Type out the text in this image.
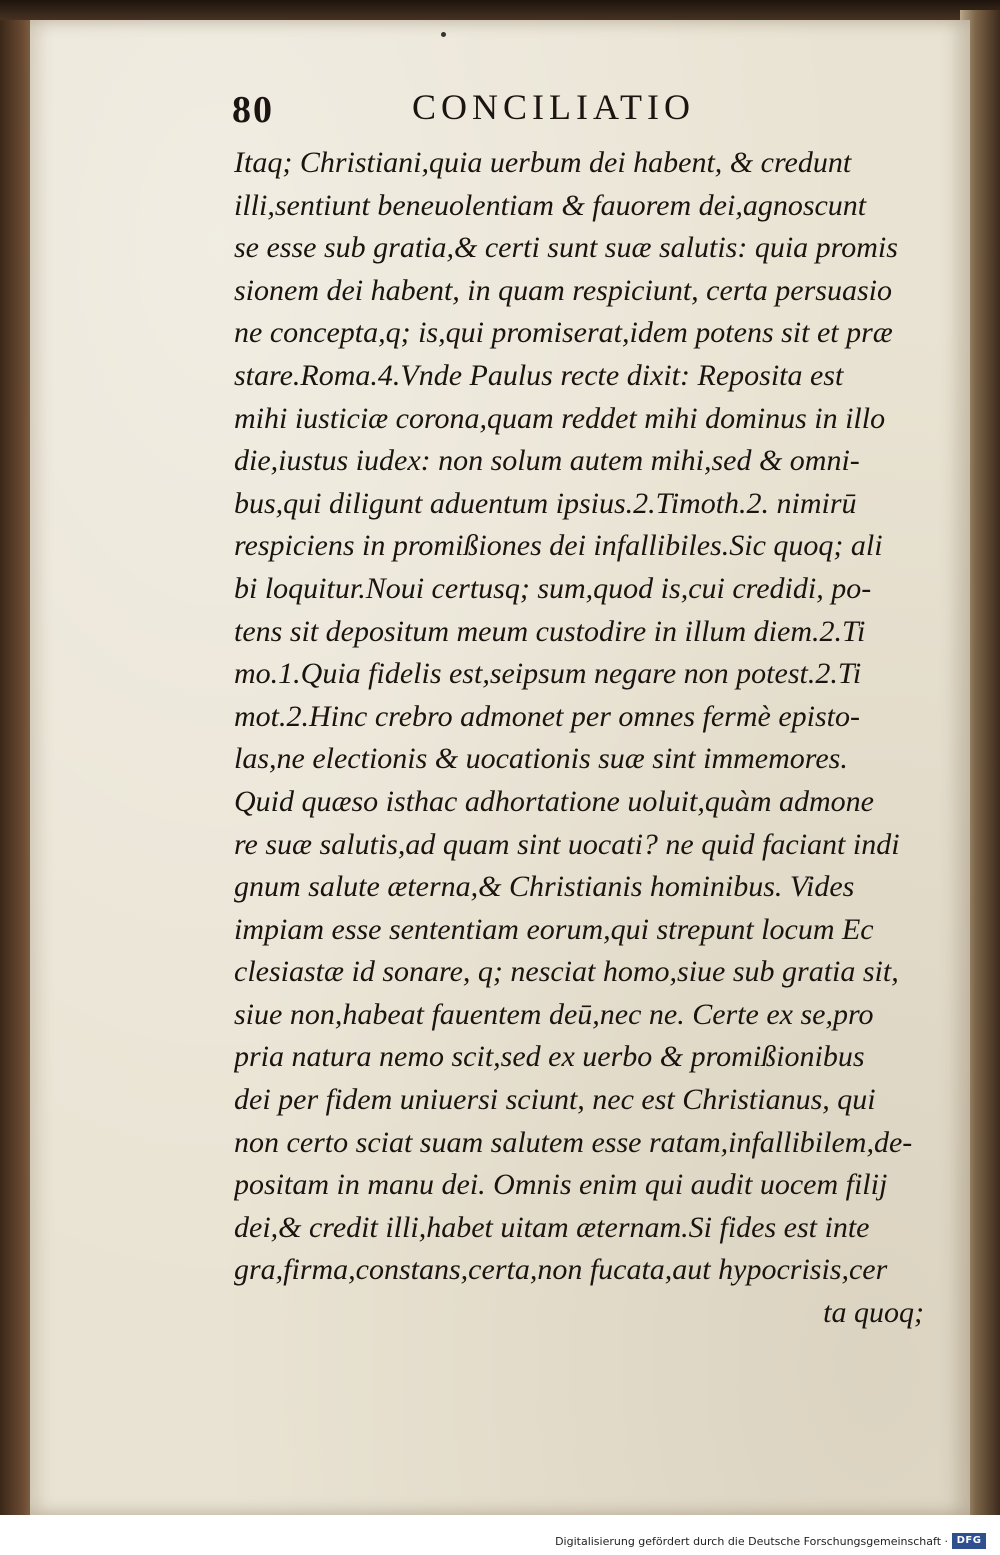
80	CONCILIATIO
Itaq; Christiani,quia uerbum dei habent, & credunt
illi,sentiunt beneuolentiam & fauorem dei,agnoscunt
se esse sub gratia,& certi sunt suæ salutis: quia promis
sionem dei habent, in quam respiciunt, certa persuasio
ne concepta,q; is,qui promiserat,idem potens sit et præ
stare.Roma.4.Vnde Paulus recte dixit: Reposita est
mihi iusticiæ corona,quam reddet mihi dominus in illo
die,iustus iudex: non solum autem mihi,sed & omni-
bus,qui diligunt aduentum ipsius.2.Timoth.2. nimirū
respiciens in promißiones dei infallibiles.Sic quoq; ali
bi loquitur.Noui certusq; sum,quod is,cui credidi, po-
tens sit depositum meum custodire in illum diem.2.Ti
mo.1.Quia fidelis est,seipsum negare non potest.2.Ti
mot.2.Hinc crebro admonet per omnes fermè episto-
las,ne electionis & uocationis suæ sint immemores.
Quid quæso isthac adhortatione uoluit,quàm admone
re suæ salutis,ad quam sint uocati? ne quid faciant indi
gnum salute æterna,& Christianis hominibus. Vides
impiam esse sententiam eorum,qui strepunt locum Ec
clesiastæ id sonare, q; nesciat homo,siue sub gratia sit,
siue non,habeat fauentem deū,nec ne. Certe ex se,pro
pria natura nemo scit,sed ex uerbo & promißionibus
dei per fidem uniuersi sciunt, nec est Christianus, qui
non certo sciat suam salutem esse ratam,infallibilem,de-
positam in manu dei. Omnis enim qui audit uocem filij
dei,& credit illi,habet uitam æternam.Si fides est inte
gra,firma,constans,certa,non fucata,aut hypocrisis,cer
ta quoq;
Digitalisierung gefördert durch die Deutsche Forschungsgemeinschaft · DFG
